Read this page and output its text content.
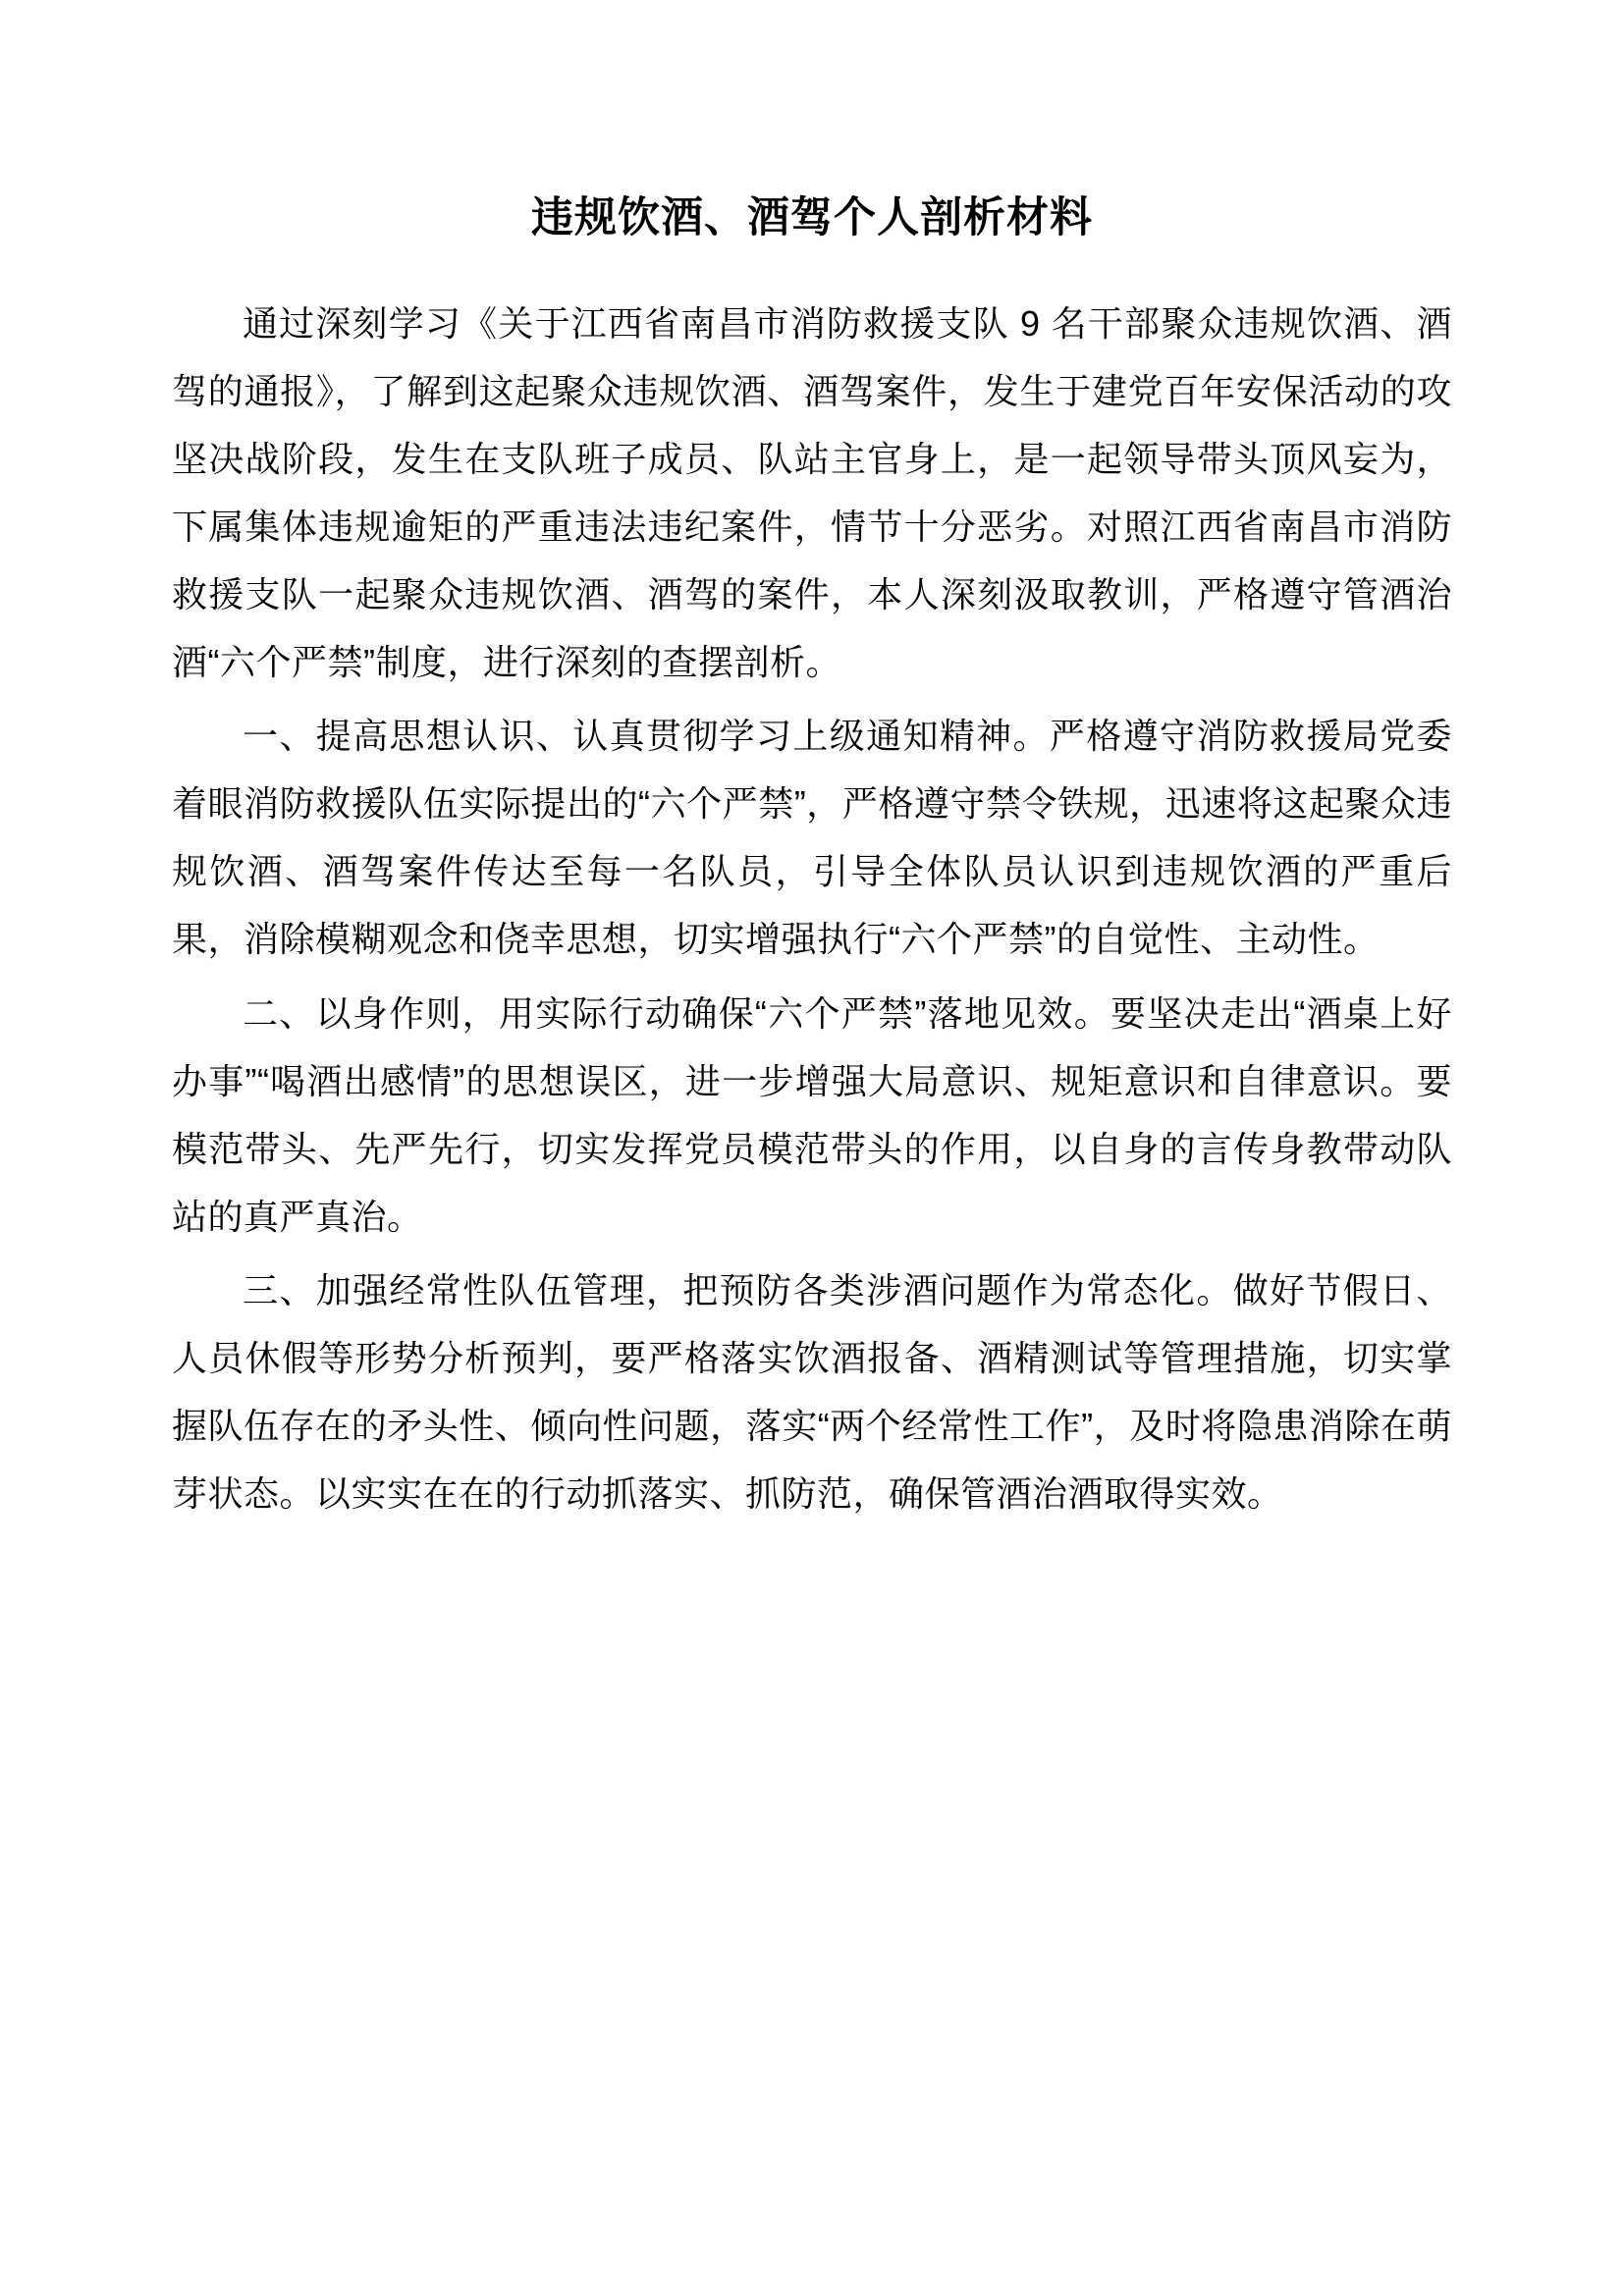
违规饮酒、酒驾个人剖析材料

通过深刻学习《关于江西省南昌市消防救援支队 9 名干部聚众违规饮酒、酒驾的通报》，了解到这起聚众违规饮酒、酒驾案件，发生于建党百年安保活动的攻坚决战阶段，发生在支队班子成员、队站主官身上，是一起领导带头顶风妄为，下属集体违规逾矩的严重违法违纪案件，情节十分恶劣。对照江西省南昌市消防救援支队一起聚众违规饮酒、酒驾的案件，本人深刻汲取教训，严格遵守管酒治酒“六个严禁”制度，进行深刻的查摆剖析。

一、提高思想认识、认真贯彻学习上级通知精神。严格遵守消防救援局党委着眼消防救援队伍实际提出的“六个严禁”，严格遵守禁令铁规，迅速将这起聚众违规饮酒、酒驾案件传达至每一名队员，引导全体队员认识到违规饮酒的严重后果，消除模糊观念和侥幸思想，切实增强执行“六个严禁”的自觉性、主动性。

二、以身作则，用实际行动确保“六个严禁”落地见效。要坚决走出“酒桌上好办事”“喝酒出感情”的思想误区，进一步增强大局意识、规矩意识和自律意识。要模范带头、先严先行，切实发挥党员模范带头的作用，以自身的言传身教带动队站的真严真治。

三、加强经常性队伍管理，把预防各类涉酒问题作为常态化。做好节假日、人员休假等形势分析预判，要严格落实饮酒报备、酒精测试等管理措施，切实掌握队伍存在的矛头性、倾向性问题，落实“两个经常性工作”，及时将隐患消除在萌芽状态。以实实在在的行动抓落实、抓防范，确保管酒治酒取得实效。
